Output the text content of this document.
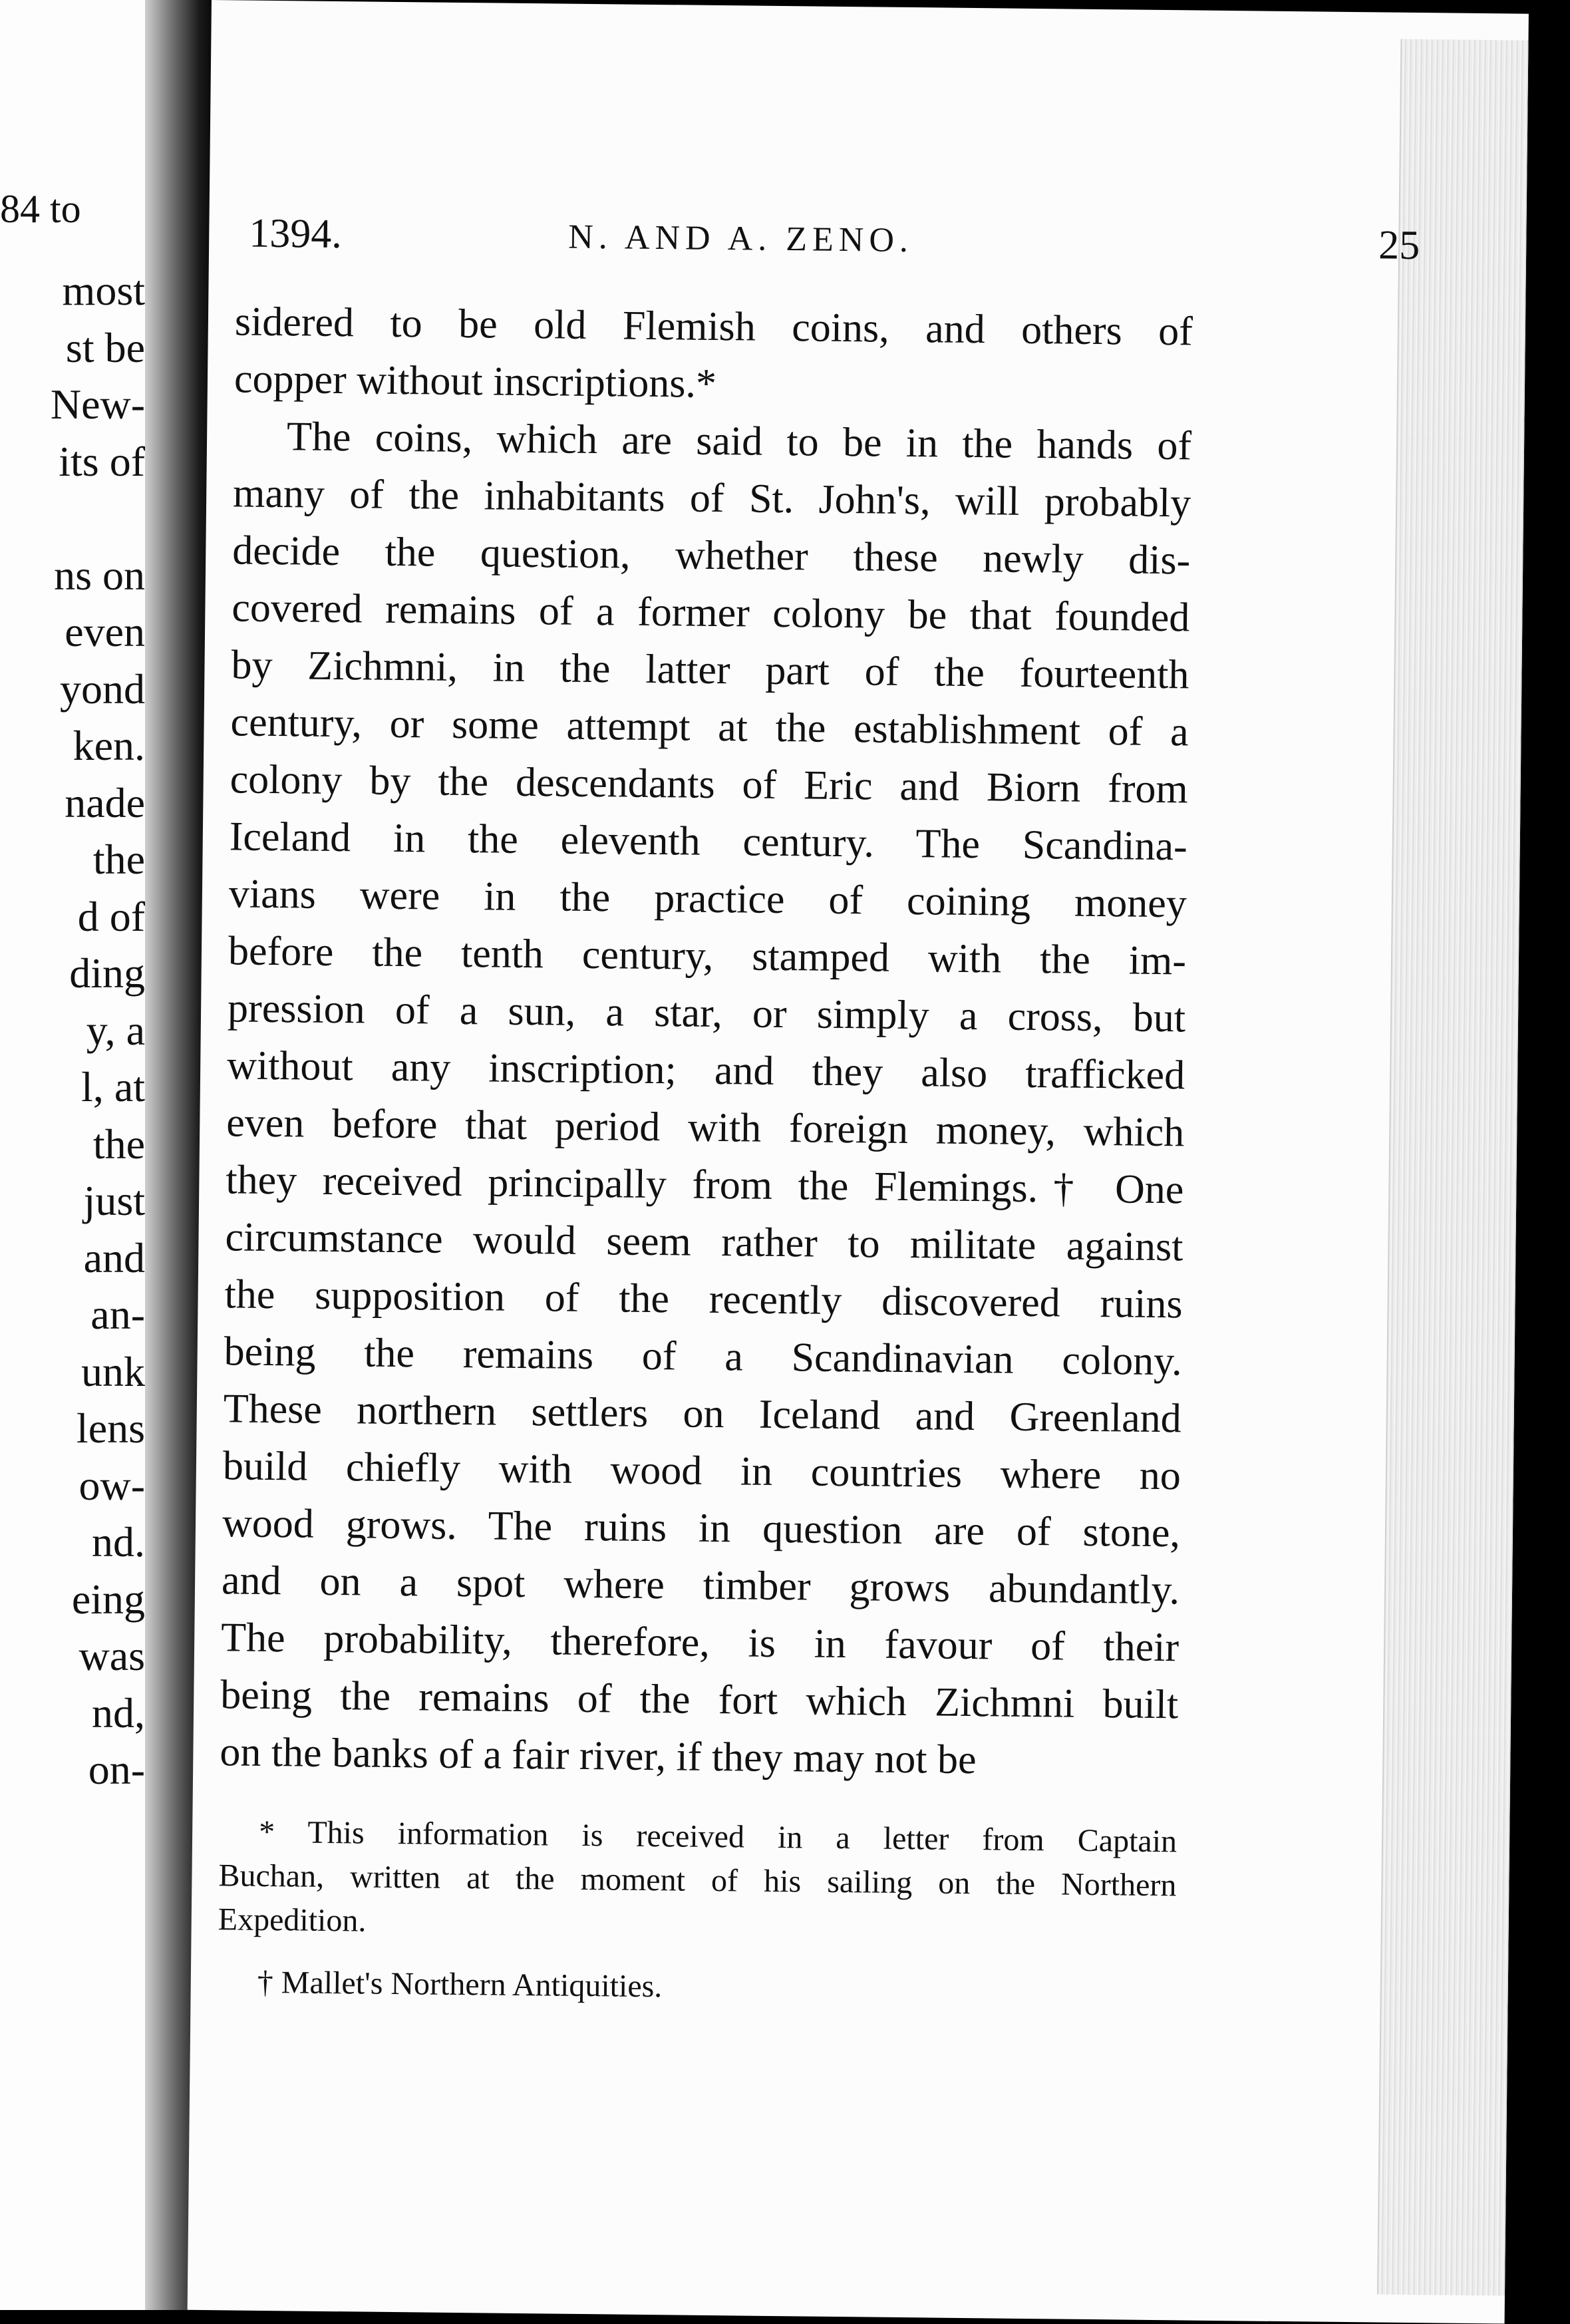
84 to
most
st be
New-
its of
ns on
even
yond
ken.
nade
the
d of
ding
y, a
l, at
the
just
and
an-
unk
lens
ow-
nd.
eing
was
nd,
on-
1394.	N. AND A. ZENO.	25
sidered to be old Flemish coins, and others of
copper without inscriptions.*
The coins, which are said to be in the hands of
many of the inhabitants of St. John's, will probably
decide the question, whether these newly dis-
covered remains of a former colony be that founded
by Zichmni, in the latter part of the fourteenth
century, or some attempt at the establishment of a
colony by the descendants of Eric and Biorn from
Iceland in the eleventh century. The Scandina-
vians were in the practice of coining money
before the tenth century, stamped with the im-
pression of a sun, a star, or simply a cross, but
without any inscription; and they also trafficked
even before that period with foreign money, which
they received principally from the Flemings.† One
circumstance would seem rather to militate against
the supposition of the recently discovered ruins
being the remains of a Scandinavian colony.
These northern settlers on Iceland and Greenland
build chiefly with wood in countries where no
wood grows. The ruins in question are of stone,
and on a spot where timber grows abundantly.
The probability, therefore, is in favour of their
being the remains of the fort which Zichmni built
on the banks of a fair river, if they may not be
* This information is received in a letter from Captain
Buchan, written at the moment of his sailing on the Northern
Expedition.
† Mallet's Northern Antiquities.
